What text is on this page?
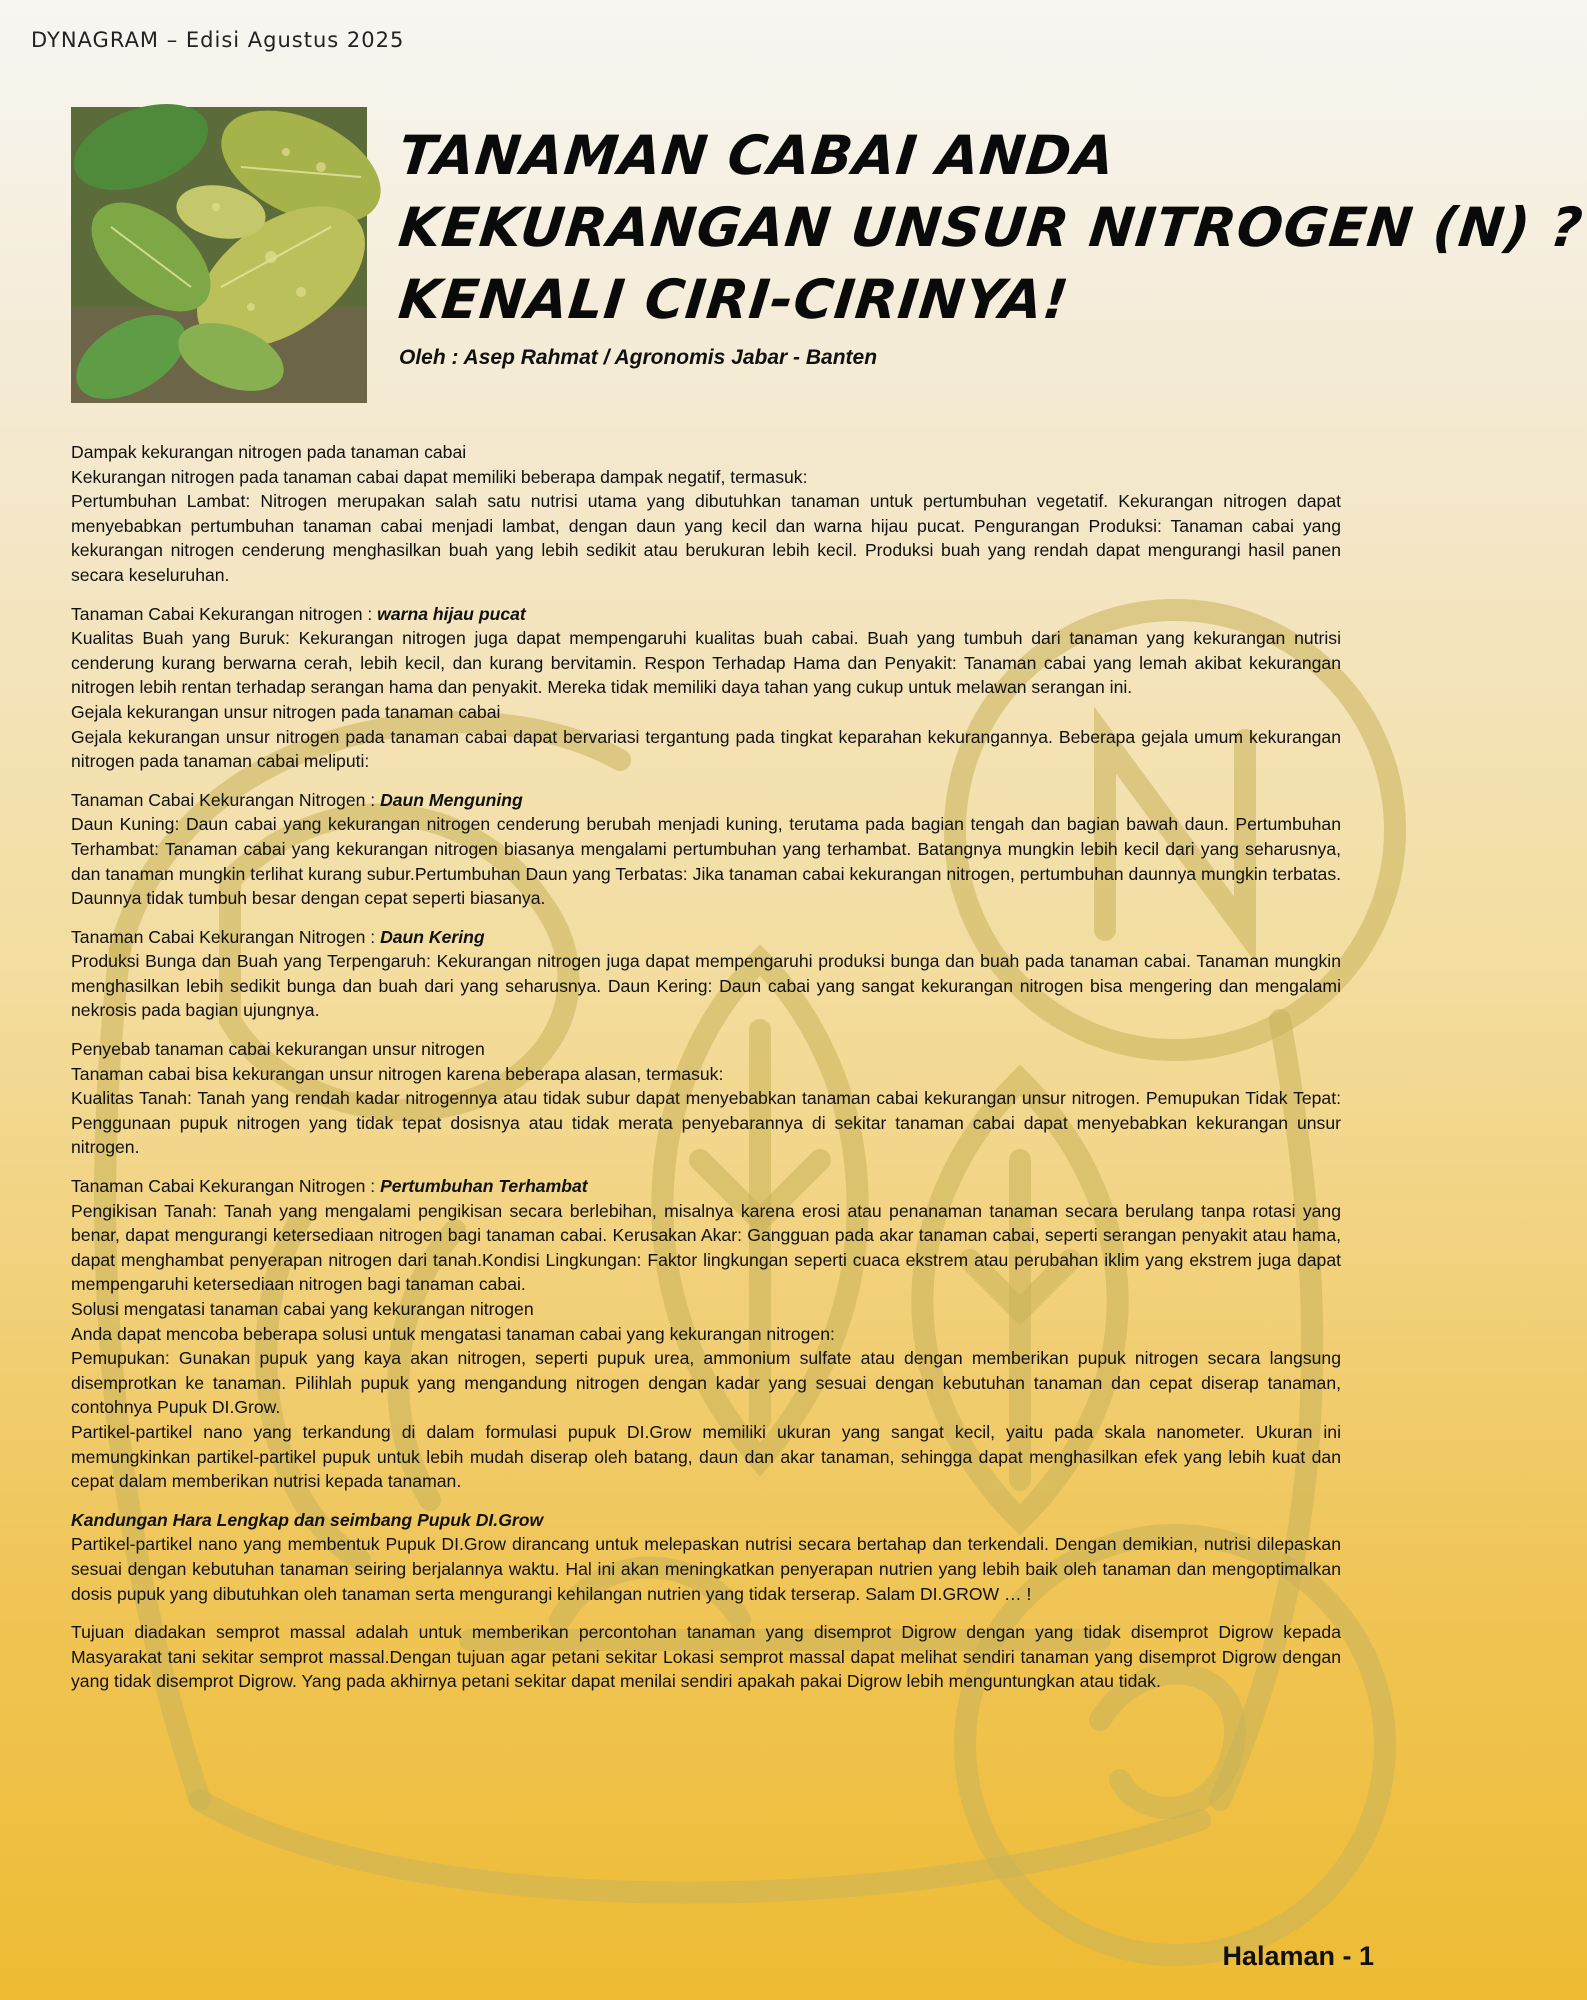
DYNAGRAM – Edisi Agustus 2025
TANAMAN CABAI ANDA
KEKURANGAN UNSUR NITROGEN (N) ?
KENALI CIRI-CIRINYA!
Oleh : Asep Rahmat / Agronomis Jabar - Banten

Dampak kekurangan nitrogen pada tanaman cabai

Kekurangan nitrogen pada tanaman cabai dapat memiliki beberapa dampak negatif, termasuk:

Pertumbuhan Lambat: Nitrogen merupakan salah satu nutrisi utama yang dibutuhkan tanaman untuk pertumbuhan vegetatif. Kekurangan nitrogen dapat menyebabkan pertumbuhan tanaman cabai menjadi lambat, dengan daun yang kecil dan warna hijau pucat. Pengurangan Produksi: Tanaman cabai yang kekurangan nitrogen cenderung menghasilkan buah yang lebih sedikit atau berukuran lebih kecil. Produksi buah yang rendah dapat mengurangi hasil panen secara keseluruhan.

Tanaman Cabai Kekurangan nitrogen : warna hijau pucat

Kualitas Buah yang Buruk: Kekurangan nitrogen juga dapat mempengaruhi kualitas buah cabai. Buah yang tumbuh dari tanaman yang kekurangan nutrisi cenderung kurang berwarna cerah, lebih kecil, dan kurang bervitamin. Respon Terhadap Hama dan Penyakit: Tanaman cabai yang lemah akibat kekurangan nitrogen lebih rentan terhadap serangan hama dan penyakit. Mereka tidak memiliki daya tahan yang cukup untuk melawan serangan ini.

Gejala kekurangan unsur nitrogen pada tanaman cabai

Gejala kekurangan unsur nitrogen pada tanaman cabai dapat bervariasi tergantung pada tingkat keparahan kekurangannya. Beberapa gejala umum kekurangan nitrogen pada tanaman cabai meliputi:

Tanaman Cabai Kekurangan Nitrogen : Daun Menguning

Daun Kuning: Daun cabai yang kekurangan nitrogen cenderung berubah menjadi kuning, terutama pada bagian tengah dan bagian bawah daun. Pertumbuhan Terhambat: Tanaman cabai yang kekurangan nitrogen biasanya mengalami pertumbuhan yang terhambat. Batangnya mungkin lebih kecil dari yang seharusnya, dan tanaman mungkin terlihat kurang subur.Pertumbuhan Daun yang Terbatas: Jika tanaman cabai kekurangan nitrogen, pertumbuhan daunnya mungkin terbatas. Daunnya tidak tumbuh besar dengan cepat seperti biasanya.

Tanaman Cabai Kekurangan Nitrogen : Daun Kering

Produksi Bunga dan Buah yang Terpengaruh: Kekurangan nitrogen juga dapat mempengaruhi produksi bunga dan buah pada tanaman cabai. Tanaman mungkin menghasilkan lebih sedikit bunga dan buah dari yang seharusnya. Daun Kering: Daun cabai yang sangat kekurangan nitrogen bisa mengering dan mengalami nekrosis pada bagian ujungnya.

Penyebab tanaman cabai kekurangan unsur nitrogen

Tanaman cabai bisa kekurangan unsur nitrogen karena beberapa alasan, termasuk:

Kualitas Tanah: Tanah yang rendah kadar nitrogennya atau tidak subur dapat menyebabkan tanaman cabai kekurangan unsur nitrogen. Pemupukan Tidak Tepat: Penggunaan pupuk nitrogen yang tidak tepat dosisnya atau tidak merata penyebarannya di sekitar tanaman cabai dapat menyebabkan kekurangan unsur nitrogen.

Tanaman Cabai Kekurangan Nitrogen : Pertumbuhan Terhambat

Pengikisan Tanah: Tanah yang mengalami pengikisan secara berlebihan, misalnya karena erosi atau penanaman tanaman secara berulang tanpa rotasi yang benar, dapat mengurangi ketersediaan nitrogen bagi tanaman cabai. Kerusakan Akar: Gangguan pada akar tanaman cabai, seperti serangan penyakit atau hama, dapat menghambat penyerapan nitrogen dari tanah.Kondisi Lingkungan: Faktor lingkungan seperti cuaca ekstrem atau perubahan iklim yang ekstrem juga dapat mempengaruhi ketersediaan nitrogen bagi tanaman cabai.

Solusi mengatasi tanaman cabai yang kekurangan nitrogen

Anda dapat mencoba beberapa solusi untuk mengatasi tanaman cabai yang kekurangan nitrogen:

Pemupukan: Gunakan pupuk yang kaya akan nitrogen, seperti pupuk urea, ammonium sulfate atau dengan memberikan pupuk nitrogen secara langsung disemprotkan ke tanaman. Pilihlah pupuk yang mengandung nitrogen dengan kadar yang sesuai dengan kebutuhan tanaman dan cepat diserap tanaman, contohnya Pupuk DI.Grow.

Partikel-partikel nano yang terkandung di dalam formulasi pupuk DI.Grow memiliki ukuran yang sangat kecil, yaitu pada skala nanometer. Ukuran ini memungkinkan partikel-partikel pupuk untuk lebih mudah diserap oleh batang, daun dan akar tanaman, sehingga dapat menghasilkan efek yang lebih kuat dan cepat dalam memberikan nutrisi kepada tanaman.

Kandungan Hara Lengkap dan seimbang Pupuk DI.Grow

Partikel-partikel nano yang membentuk Pupuk DI.Grow dirancang untuk melepaskan nutrisi secara bertahap dan terkendali. Dengan demikian, nutrisi dilepaskan sesuai dengan kebutuhan tanaman seiring berjalannya waktu. Hal ini akan meningkatkan penyerapan nutrien yang lebih baik oleh tanaman dan mengoptimalkan dosis pupuk yang dibutuhkan oleh tanaman serta mengurangi kehilangan nutrien yang tidak terserap. Salam DI.GROW … !

Tujuan diadakan semprot massal adalah untuk memberikan percontohan tanaman yang disemprot Digrow dengan yang tidak disemprot Digrow kepada Masyarakat tani sekitar semprot massal.Dengan tujuan agar petani sekitar Lokasi semprot massal dapat melihat sendiri tanaman yang disemprot Digrow dengan yang tidak disemprot Digrow. Yang pada akhirnya petani sekitar dapat menilai sendiri apakah pakai Digrow lebih menguntungkan atau tidak.

Halaman - 1
